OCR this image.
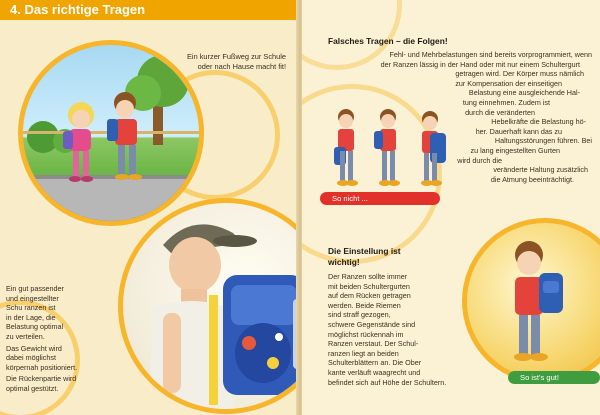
4. Das richtige Tragen
Ein kurzer Fußweg zur Schule
oder nach Hause macht fit!
Ein gut passender
und eingestellter
Schu ranzen ist
in der Lage, die
Belastung optimal
zu verteilen.
Das Gewicht wird
dabei möglichst
körpernah positioniert.
Die Rückenpartie wird
optimal gestützt.
Falsches Tragen – die Folgen!
Fehl- und Mehrbelastungen sind bereits vorprogrammiert, wenn
der Ranzen lässig in der Hand oder mit nur einem Schultergurt
getragen wird. Der Körper muss nämlich
zur Kompensation der einseitigen
Belastung eine ausgleichende Hal-
tung einnehmen. Zudem ist
durch die veränderten
Hebelkräfte die Belastung hö-
her. Dauerhaft kann das zu
Haltungsstörungen führen. Bei
zu lang eingestellten Gurten
wird durch die
veränderte Haltung zusätzlich
die Atmung beeinträchtigt.
So nicht ...
Die Einstellung ist
wichtig!
Der Ranzen sollte immer
mit beiden Schultergurten
auf dem Rücken getragen
werden. Beide Riemen
sind straff gezogen,
schwere Gegenstände sind
möglichst rückennah im
Ranzen verstaut. Der Schul-
ranzen liegt an beiden
Schulterblättern an. Die Ober
kante verläuft waagrecht und
befindet sich auf Höhe der Schultern.
So ist's gut!
